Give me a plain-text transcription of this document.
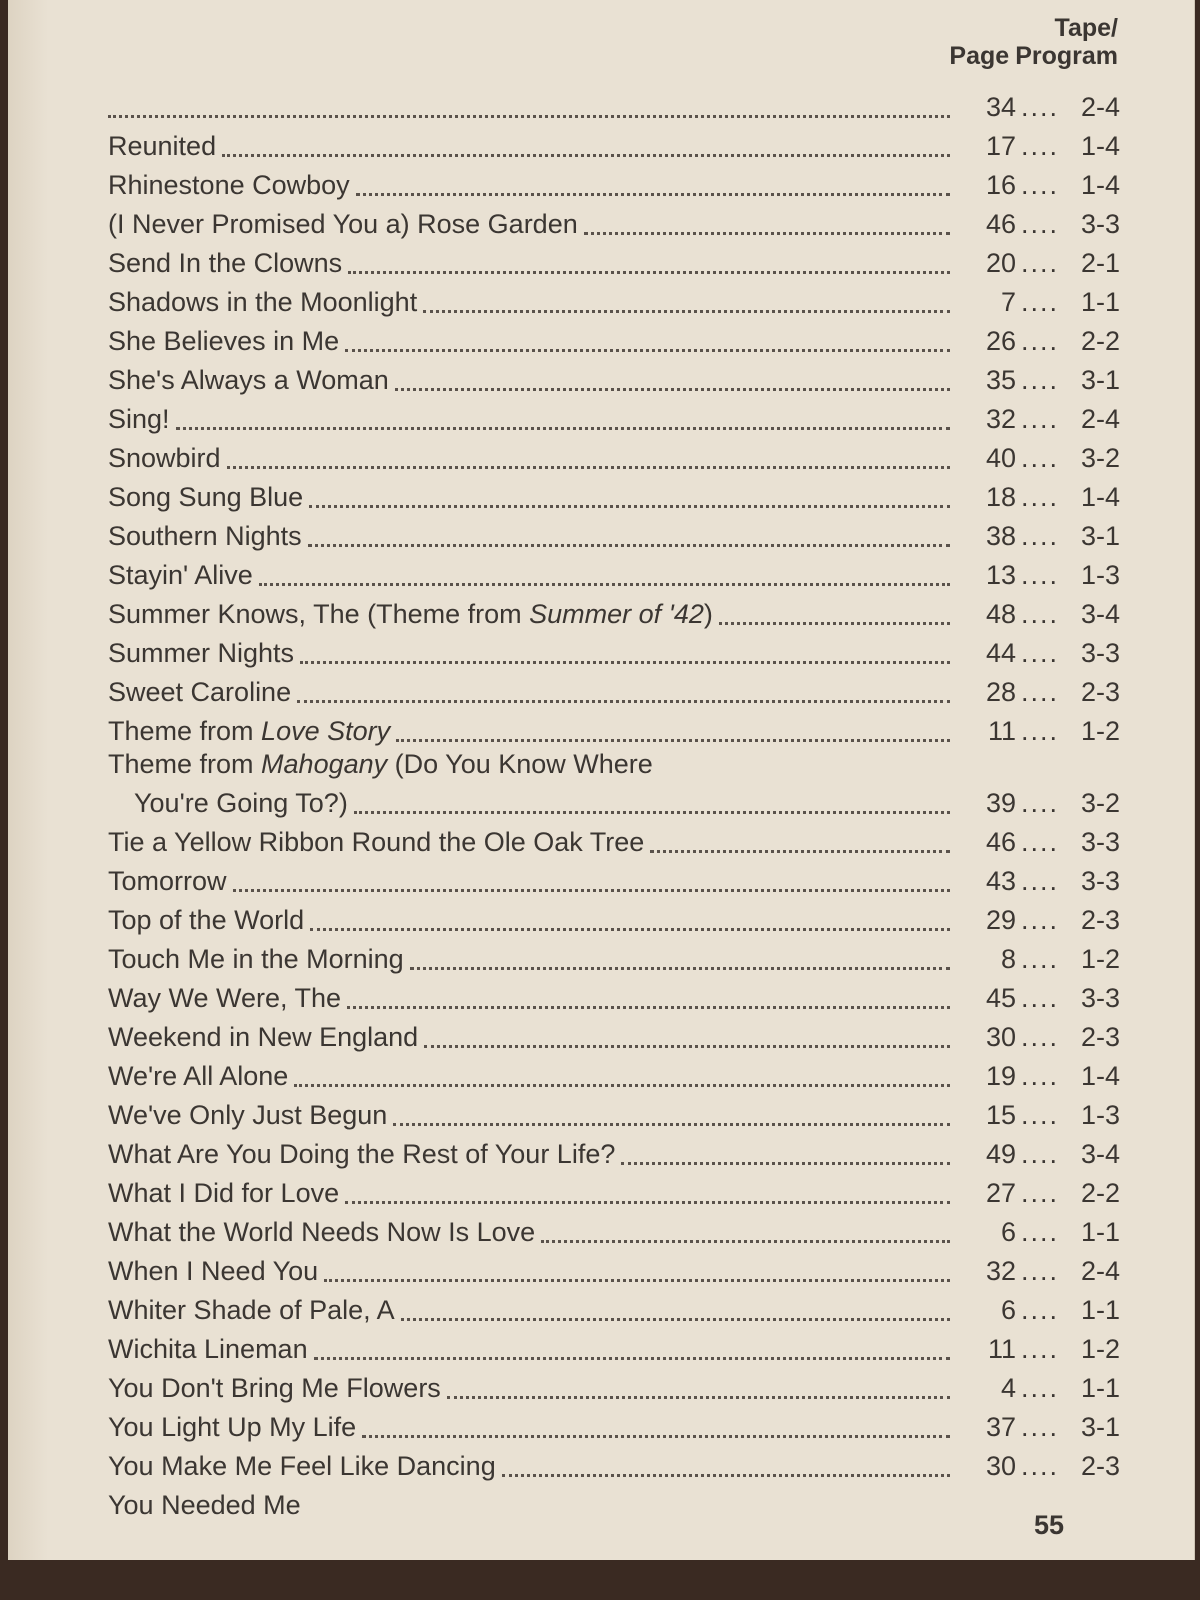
Tape/
Page Program
34 .... 2-4
Reunited	17 .... 1-4
Rhinestone Cowboy	16 .... 1-4
(I Never Promised You a) Rose Garden	46 .... 3-3
Send In the Clowns	20 .... 2-1
Shadows in the Moonlight	7 .... 1-1
She Believes in Me	26 .... 2-2
She's Always a Woman	35 .... 3-1
Sing!	32 .... 2-4
Snowbird	40 .... 3-2
Song Sung Blue	18 .... 1-4
Southern Nights	38 .... 3-1
Stayin' Alive	13 .... 1-3
Summer Knows, The (Theme from Summer of '42)	48 .... 3-4
Summer Nights	44 .... 3-3
Sweet Caroline	28 .... 2-3
Theme from Love Story	11 .... 1-2
Theme from Mahogany (Do You Know Where
You're Going To?)	39 .... 3-2
Tie a Yellow Ribbon Round the Ole Oak Tree	46 .... 3-3
Tomorrow	43 .... 3-3
Top of the World	29 .... 2-3
Touch Me in the Morning	8 .... 1-2
Way We Were, The	45 .... 3-3
Weekend in New England	30 .... 2-3
We're All Alone	19 .... 1-4
We've Only Just Begun	15 .... 1-3
What Are You Doing the Rest of Your Life?	49 .... 3-4
What I Did for Love	27 .... 2-2
What the World Needs Now Is Love	6 .... 1-1
When I Need You	32 .... 2-4
Whiter Shade of Pale, A	6 .... 1-1
Wichita Lineman	11 .... 1-2
You Don't Bring Me Flowers	4 .... 1-1
You Light Up My Life	37 .... 3-1
You Make Me Feel Like Dancing	30 .... 2-3
You Needed Me
55
